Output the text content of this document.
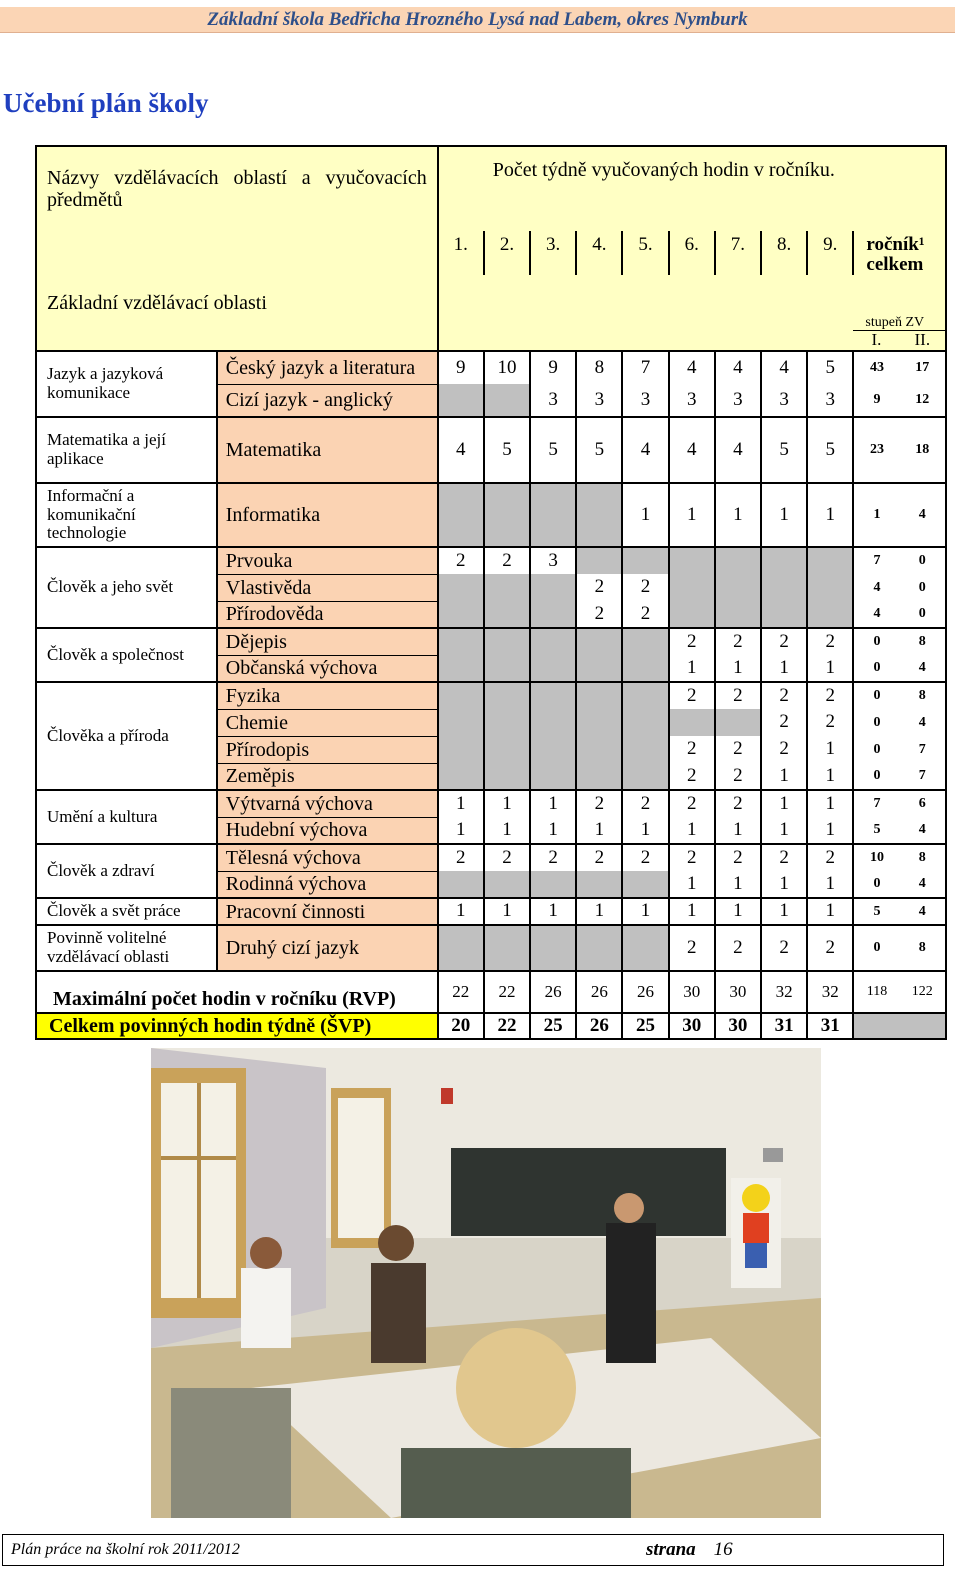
Základní škola Bedřicha Hrozného Lysá nad Labem, okres Nymburk
Učební plán školy
Názvy vzdělávacích oblastí a vyučovacích předmětů		Počet týdně vyučovaných hodin v ročníku.										
		1.	2.	3.	4.	5.	6.	7.	8.	9.	ročník¹ celkem	
Základní vzdělávací oblasti											stupeň ZV	
											I.	II.
Jazyk a jazyková komunikace	Český jazyk a literatura	9	10	9	8	7	4	4	4	5	43	17
	Cizí jazyk - anglický			3	3	3	3	3	3	3	9	12
Matematika a její aplikace	Matematika	4	5	5	5	4	4	4	5	5	23	18
Informační a komunikační technologie	Informatika					1	1	1	1	1	1	4
Člověk a jeho svět	Prvouka	2	2	3							7	0
	Vlastivěda				2	2					4	0
	Přírodověda				2	2					4	0
Člověk a společnost	Dějepis						2	2	2	2	0	8
	Občanská výchova						1	1	1	1	0	4
Člověka a příroda	Fyzika						2	2	2	2	0	8
	Chemie								2	2	0	4
	Přírodopis						2	2	2	1	0	7
	Zeměpis						2	2	1	1	0	7
Umění a kultura	Výtvarná výchova	1	1	1	2	2	2	2	1	1	7	6
	Hudební výchova	1	1	1	1	1	1	1	1	1	5	4
Člověk a zdraví	Tělesná výchova	2	2	2	2	2	2	2	2	2	10	8
	Rodinná výchova						1	1	1	1	0	4
Člověk a svět práce	Pracovní činnosti	1	1	1	1	1	1	1	1	1	5	4
Povinně volitelné vzdělávací oblasti	Druhý cizí jazyk						2	2	2	2	0	8
Maximální počet hodin v ročníku (RVP)		22	22	26	26	26	30	30	32	32	118	122
Celkem povinných hodin týdně (ŠVP)		20	22	25	26	25	30	30	31	31		
Plán práce na školní rok 2011/2012	strana 16
